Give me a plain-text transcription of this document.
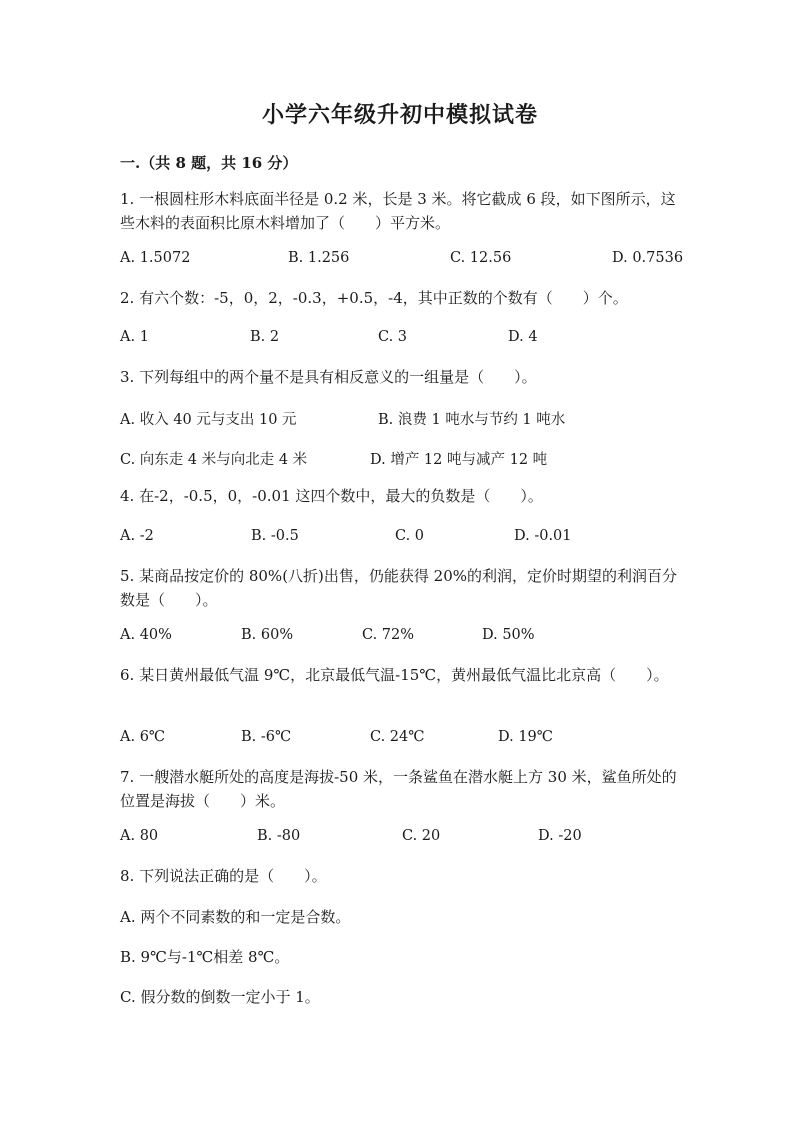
小学六年级升初中模拟试卷
一.（共 8 题，共 16 分）
1. 一根圆柱形木料底面半径是 0.2 米，长是 3 米。将它截成 6 段，如下图所示，这些木料的表面积比原木料增加了（　　）平方米。
A. 1.5072	B. 1.256	C. 12.56	D. 0.7536
2. 有六个数：-5，0，2，-0.3，+0.5，-4，其中正数的个数有（　　）个。
A. 1	B. 2	C. 3	D. 4
3. 下列每组中的两个量不是具有相反意义的一组量是（　　）。
A. 收入 40 元与支出 10 元	B. 浪费 1 吨水与节约 1 吨水
C. 向东走 4 米与向北走 4 米	D. 增产 12 吨与减产 12 吨
4. 在-2，-0.5，0，-0.01 这四个数中，最大的负数是（　　）。
A. -2	B. -0.5	C. 0	D. -0.01
5. 某商品按定价的 80%(八折)出售，仍能获得 20%的利润，定价时期望的利润百分数是（　　）。
A. 40%	B. 60%	C. 72%	D. 50%
6. 某日黄州最低气温 9℃，北京最低气温-15℃，黄州最低气温比北京高（　　）。
A. 6℃	B. -6℃	C. 24℃	D. 19℃
7. 一艘潜水艇所处的高度是海拔-50 米，一条鲨鱼在潜水艇上方 30 米，鲨鱼所处的位置是海拔（　　）米。
A. 80	B. -80	C. 20	D. -20
8. 下列说法正确的是（　　）。
A. 两个不同素数的和一定是合数。
B. 9℃与-1℃相差 8℃。
C. 假分数的倒数一定小于 1。
